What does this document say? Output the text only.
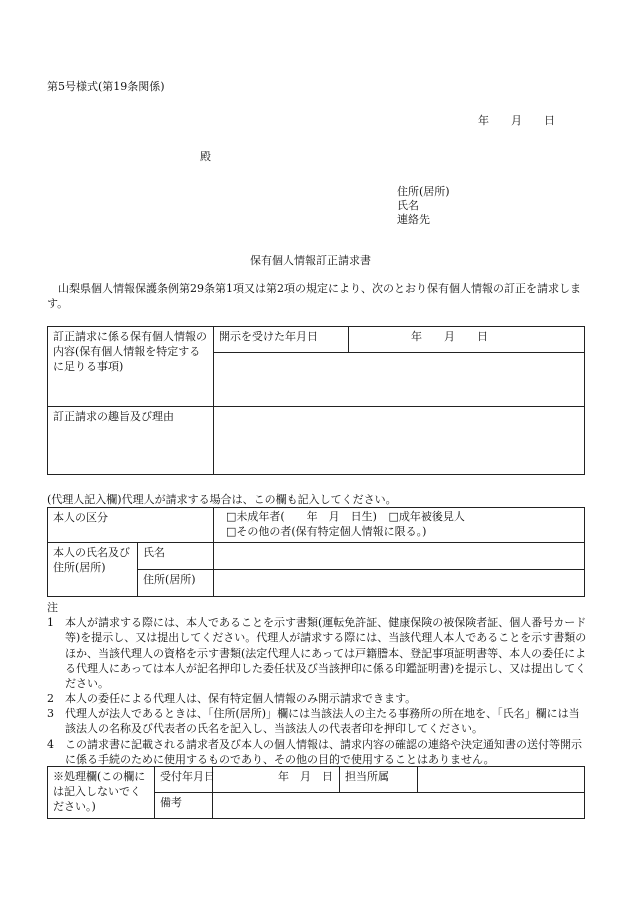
第5号様式(第19条関係)
年　　月　　日
殿
住所(居所)
氏名
連絡先
保有個人情報訂正請求書
山梨県個人情報保護条例第29条第1項又は第2項の規定により、次のとおり保有個人情報の訂正を請求します。
訂正請求に係る保有個人情報の内容(保有個人情報を特定するに足りる事項)	開示を受けた年月日	年　　月　　日

訂正請求の趣旨及び理由		
(代理人記入欄)代理人が請求する場合は、この欄も記入してください。
本人の区分		□未成年者(　　年　月　日生) □成年被後見人
□その他の者(保有特定個人情報に限る。)

本人の氏名及び住所(居所)	氏名	
	住所(居所)	
注
1	本人が請求する際には、本人であることを示す書類(運転免許証、健康保険の被保険者証、個人番号カード等)を提示し、又は提出してください。代理人が請求する際には、当該代理人本人であることを示す書類のほか、当該代理人の資格を示す書類(法定代理人にあっては戸籍謄本、登記事項証明書等、本人の委任による代理人にあっては本人が記名押印した委任状及び当該押印に係る印鑑証明書)を提示し、又は提出してください。
2	本人の委任による代理人は、保有特定個人情報のみ開示請求できます。
3	代理人が法人であるときは、「住所(居所)」欄には当該法人の主たる事務所の所在地を、「氏名」欄には当該法人の名称及び代表者の氏名を記入し、当該法人の代表者印を押印してください。
4	この請求書に記載される請求者及び本人の個人情報は、請求内容の確認の連絡や決定通知書の送付等開示に係る手続のために使用するものであり、その他の目的で使用することはありません。
※処理欄(この欄には記入しないでください。)	受付年月日	年　月　日	担当所属	
	備考			
